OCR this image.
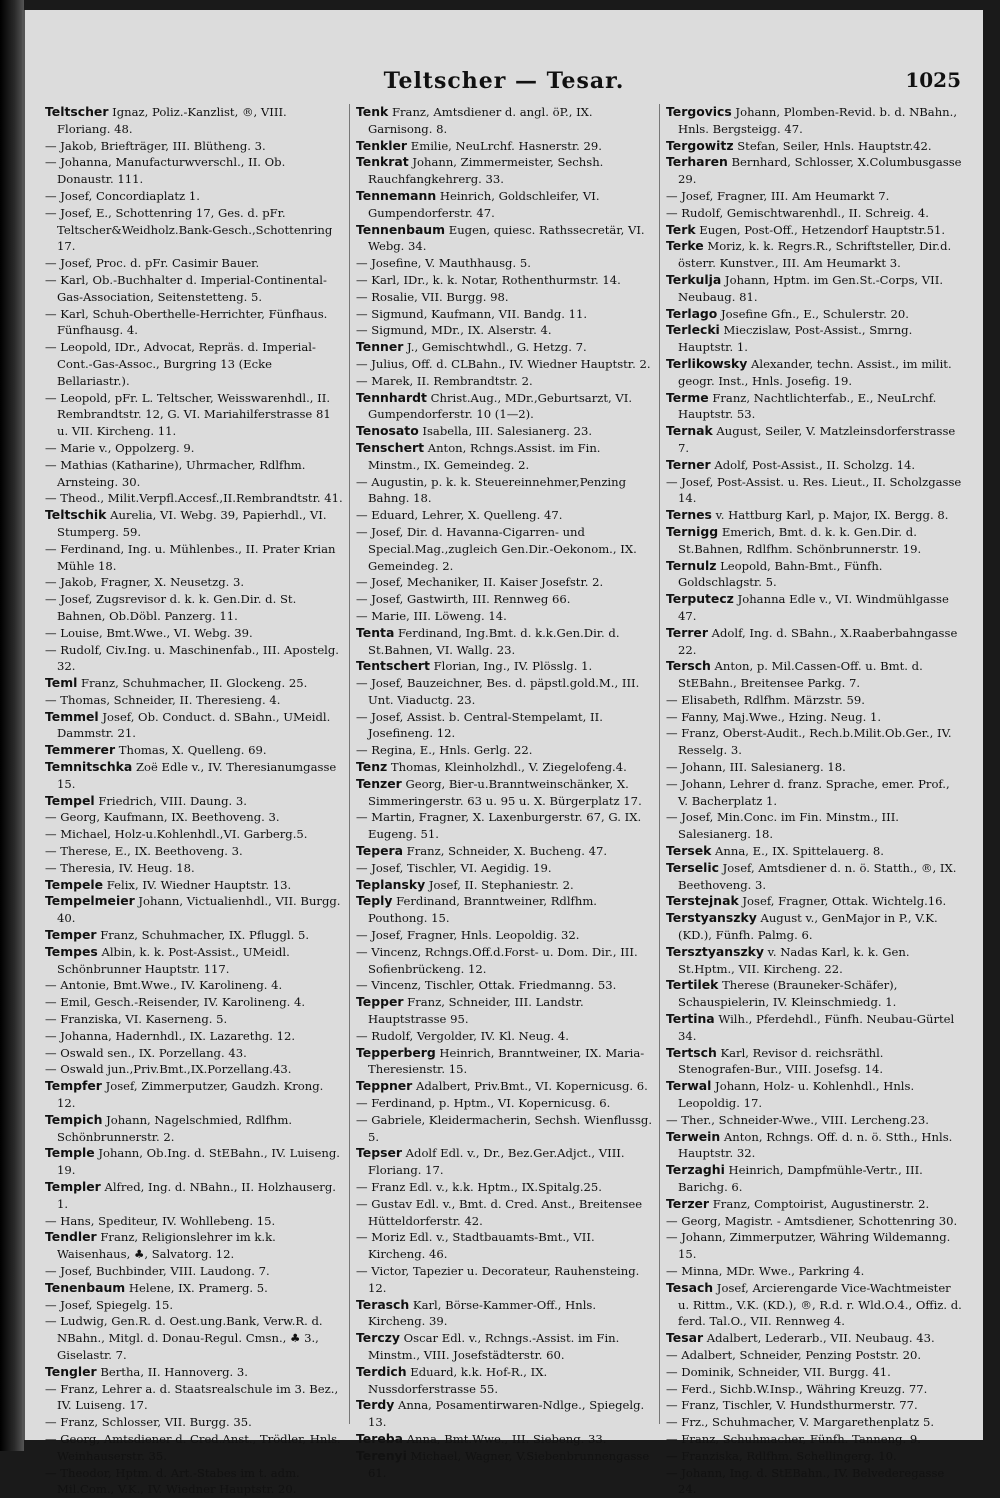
Teltscher — Tesar.	1025
Teltscher Ignaz, Poliz.-Kanzlist, ®, VIII. Floriang. 48.
— Jakob, Briefträger, III. Blütheng. 3.
— Johanna, Manufacturwverschl., II. Ob. Donaustr. 111.
— Josef, Concordiaplatz 1.
— Josef, E., Schottenring 17, Ges. d. pFr. Teltscher&Weidholz.Bank-Gesch.,Schottenring 17.
— Josef, Proc. d. pFr. Casimir Bauer.
— Karl, Ob.-Buchhalter d. Imperial-Continental-Gas-Association, Seitenstetteng. 5.
— Karl, Schuh-Oberthelle-Herrichter, Fünfhaus. Fünfhausg. 4.
— Leopold, IDr., Advocat, Repräs. d. Imperial-Cont.-Gas-Assoc., Burgring 13 (Ecke Bellariastr.).
— Leopold, pFr. L. Teltscher, Weisswarenhdl., II. Rembrandtstr. 12, G. VI. Mariahilferstrasse 81 u. VII. Kircheng. 11.
— Marie v., Oppolzerg. 9.
— Mathias (Katharine), Uhrmacher, Rdlfhm. Arnsteing. 30.
— Theod., Milit.Verpfl.Accesf.,II.Rembrandtstr. 41.
Teltschik Aurelia, VI. Webg. 39, Papierhdl., VI. Stumperg. 59.
— Ferdinand, Ing. u. Mühlenbes., II. Prater Krian Mühle 18.
— Jakob, Fragner, X. Neusetzg. 3.
— Josef, Zugsrevisor d. k. k. Gen.Dir. d. St. Bahnen, Ob.Döbl. Panzerg. 11.
— Louise, Bmt.Wwe., VI. Webg. 39.
— Rudolf, Civ.Ing. u. Maschinenfab., III. Apostelg. 32.
Teml Franz, Schuhmacher, II. Glockeng. 25.
— Thomas, Schneider, II. Theresieng. 4.
Temmel Josef, Ob. Conduct. d. SBahn., UMeidl. Dammstr. 21.
Temmerer Thomas, X. Quelleng. 69.
Temnitschka Zoë Edle v., IV. Theresianumgasse 15.
Tempel Friedrich, VIII. Daung. 3.
— Georg, Kaufmann, IX. Beethoveng. 3.
— Michael, Holz-u.Kohlenhdl.,VI. Garberg.5.
— Therese, E., IX. Beethoveng. 3.
— Theresia, IV. Heug. 18.
Tempele Felix, IV. Wiedner Hauptstr. 13.
Tempelmeier Johann, Victualienhdl., VII. Burgg. 40.
Temper Franz, Schuhmacher, IX. Pfluggl. 5.
Tempes Albin, k. k. Post-Assist., UMeidl. Schönbrunner Hauptstr. 117.
— Antonie, Bmt.Wwe., IV. Karolineng. 4.
— Emil, Gesch.-Reisender, IV. Karolineng. 4.
— Franziska, VI. Kaserneng. 5.
— Johanna, Hadernhdl., IX. Lazarethg. 12.
— Oswald sen., IX. Porzellang. 43.
— Oswald jun.,Priv.Bmt.,IX.Porzellang.43.
Tempfer Josef, Zimmerputzer, Gaudzh. Krong. 12.
Tempich Johann, Nagelschmied, Rdlfhm. Schönbrunnerstr. 2.
Temple Johann, Ob.Ing. d. StEBahn., IV. Luiseng. 19.
Templer Alfred, Ing. d. NBahn., II. Holzhauserg. 1.
— Hans, Spediteur, IV. Wohllebeng. 15.
Tendler Franz, Religionslehrer im k.k. Waisenhaus, ♣, Salvatorg. 12.
— Josef, Buchbinder, VIII. Laudong. 7.
Tenenbaum Helene, IX. Pramerg. 5.
— Josef, Spiegelg. 15.
— Ludwig, Gen.R. d. Oest.ung.Bank, Verw.R. d. NBahn., Mitgl. d. Donau-Regul. Cmsn., ♣ 3., Giselastr. 7.
Tengler Bertha, II. Hannoverg. 3.
— Franz, Lehrer a. d. Staatsrealschule im 3. Bez., IV. Luiseng. 17.
— Franz, Schlosser, VII. Burgg. 35.
— Georg, Amtsdiener d. Cred.Anst., Trödler, Hnls. Weinhauserstr. 35.
— Theodor, Hptm. d. Art.-Stabes im t. adm. Mil.Com., V.K., IV. Wiedner Hauptstr. 20.
Tenk Franz, Amtsdiener d. angl. öP., IX. Garnisong. 8.
Tenkler Emilie, NeuLrchf. Hasnerstr. 29.
Tenkrat Johann, Zimmermeister, Sechsh. Rauchfangkehrerg. 33.
Tennemann Heinrich, Goldschleifer, VI. Gumpendorferstr. 47.
Tennenbaum Eugen, quiesc. Rathssecretär, VI. Webg. 34.
— Josefine, V. Mauthhausg. 5.
— Karl, IDr., k. k. Notar, Rothenthurmstr. 14.
— Rosalie, VII. Burgg. 98.
— Sigmund, Kaufmann, VII. Bandg. 11.
— Sigmund, MDr., IX. Alserstr. 4.
Tenner J., Gemischtwhdl., G. Hetzg. 7.
— Julius, Off. d. CLBahn., IV. Wiedner Hauptstr. 2.
— Marek, II. Rembrandtstr. 2.
Tennhardt Christ.Aug., MDr.,Geburtsarzt, VI. Gumpendorferstr. 10 (1—2).
Tenosato Isabella, III. Salesianerg. 23.
Tenschert Anton, Rchngs.Assist. im Fin. Minstm., IX. Gemeindeg. 2.
— Augustin, p. k. k. Steuereinnehmer,Penzing Bahng. 18.
— Eduard, Lehrer, X. Quelleng. 47.
— Josef, Dir. d. Havanna-Cigarren- und Special.Mag.,zugleich Gen.Dir.-Oekonom., IX. Gemeindeg. 2.
— Josef, Mechaniker, II. Kaiser Josefstr. 2.
— Josef, Gastwirth, III. Rennweg 66.
— Marie, III. Löweng. 14.
Tenta Ferdinand, Ing.Bmt. d. k.k.Gen.Dir. d. St.Bahnen, VI. Wallg. 23.
Tentschert Florian, Ing., IV. Plösslg. 1.
— Josef, Bauzeichner, Bes. d. päpstl.gold.M., III. Unt. Viaductg. 23.
— Josef, Assist. b. Central-Stempelamt, II. Josefineng. 12.
— Regina, E., Hnls. Gerlg. 22.
Tenz Thomas, Kleinholzhdl., V. Ziegelofeng.4.
Tenzer Georg, Bier-u.Branntweinschänker, X. Simmeringerstr. 63 u. 95 u. X. Bürgerplatz 17.
— Martin, Fragner, X. Laxenburgerstr. 67, G. IX. Eugeng. 51.
Tepera Franz, Schneider, X. Bucheng. 47.
— Josef, Tischler, VI. Aegidig. 19.
Teplansky Josef, II. Stephaniestr. 2.
Teply Ferdinand, Branntweiner, Rdlfhm. Pouthong. 15.
— Josef, Fragner, Hnls. Leopoldig. 32.
— Vincenz, Rchngs.Off.d.Forst- u. Dom. Dir., III. Sofienbrückeng. 12.
— Vincenz, Tischler, Ottak. Friedmanng. 53.
Tepper Franz, Schneider, III. Landstr. Hauptstrasse 95.
— Rudolf, Vergolder, IV. Kl. Neug. 4.
Tepperberg Heinrich, Branntweiner, IX. Maria-Theresienstr. 15.
Teppner Adalbert, Priv.Bmt., VI. Kopernicusg. 6.
— Ferdinand, p. Hptm., VI. Kopernicusg. 6.
— Gabriele, Kleidermacherin, Sechsh. Wienflussg. 5.
Tepser Adolf Edl. v., Dr., Bez.Ger.Adjct., VIII. Floriang. 17.
— Franz Edl. v., k.k. Hptm., IX.Spitalg.25.
— Gustav Edl. v., Bmt. d. Cred. Anst., Breitensee Hütteldorferstr. 42.
— Moriz Edl. v., Stadtbauamts-Bmt., VII. Kircheng. 46.
— Victor, Tapezier u. Decorateur, Rauhensteing. 12.
Terasch Karl, Börse-Kammer-Off., Hnls. Kircheng. 39.
Terczy Oscar Edl. v., Rchngs.-Assist. im Fin. Minstm., VIII. Josefstädterstr. 60.
Terdich Eduard, k.k. Hof-R., IX. Nussdorferstrasse 55.
Terdy Anna, Posamentirwaren-Ndlge., Spiegelg. 13.
Tereba Anna, Bmt.Wwe., III. Siebeng. 33.
Terenyi Michael, Wagner, V.Siebenbrunnengasse 61.
Tergovics Johann, Plomben-Revid. b. d. NBahn., Hnls. Bergsteigg. 47.
Tergowitz Stefan, Seiler, Hnls. Hauptstr.42.
Terharen Bernhard, Schlosser, X.Columbusgasse 29.
— Josef, Fragner, III. Am Heumarkt 7.
— Rudolf, Gemischtwarenhdl., II. Schreig. 4.
Terk Eugen, Post-Off., Hetzendorf Hauptstr.51.
Terke Moriz, k. k. Regrs.R., Schriftsteller, Dir.d. österr. Kunstver., III. Am Heumarkt 3.
Terkulja Johann, Hptm. im Gen.St.-Corps, VII. Neubaug. 81.
Terlago Josefine Gfn., E., Schulerstr. 20.
Terlecki Mieczislaw, Post-Assist., Smrng. Hauptstr. 1.
Terlikowsky Alexander, techn. Assist., im milit. geogr. Inst., Hnls. Josefig. 19.
Terme Franz, Nachtlichterfab., E., NeuLrchf. Hauptstr. 53.
Ternak August, Seiler, V. Matzleinsdorferstrasse 7.
Terner Adolf, Post-Assist., II. Scholzg. 14.
— Josef, Post-Assist. u. Res. Lieut., II. Scholzgasse 14.
Ternes v. Hattburg Karl, p. Major, IX. Bergg. 8.
Ternigg Emerich, Bmt. d. k. k. Gen.Dir. d. St.Bahnen, Rdlfhm. Schönbrunnerstr. 19.
Ternulz Leopold, Bahn-Bmt., Fünfh. Goldschlagstr. 5.
Terputecz Johanna Edle v., VI. Windmühlgasse 47.
Terrer Adolf, Ing. d. SBahn., X.Raaberbahngasse 22.
Tersch Anton, p. Mil.Cassen-Off. u. Bmt. d. StEBahn., Breitensee Parkg. 7.
— Elisabeth, Rdlfhm. Märzstr. 59.
— Fanny, Maj.Wwe., Hzing. Neug. 1.
— Franz, Oberst-Audit., Rech.b.Milit.Ob.Ger., IV. Resselg. 3.
— Johann, III. Salesianerg. 18.
— Johann, Lehrer d. franz. Sprache, emer. Prof., V. Bacherplatz 1.
— Josef, Min.Conc. im Fin. Minstm., III. Salesianerg. 18.
Tersek Anna, E., IX. Spittelauerg. 8.
Terselic Josef, Amtsdiener d. n. ö. Statth., ®, IX. Beethoveng. 3.
Terstejnak Josef, Fragner, Ottak. Wichtelg.16.
Terstyanszky August v., GenMajor in P., V.K. (KD.), Fünfh. Palmg. 6.
Tersztyanszky v. Nadas Karl, k. k. Gen. St.Hptm., VII. Kircheng. 22.
Tertilek Therese (Brauneker-Schäfer), Schauspielerin, IV. Kleinschmiedg. 1.
Tertina Wilh., Pferdehdl., Fünfh. Neubau-Gürtel 34.
Tertsch Karl, Revisor d. reichsräthl. Stenografen-Bur., VIII. Josefsg. 14.
Terwal Johann, Holz- u. Kohlenhdl., Hnls. Leopoldig. 17.
— Ther., Schneider-Wwe., VIII. Lercheng.23.
Terwein Anton, Rchngs. Off. d. n. ö. Stth., Hnls. Hauptstr. 32.
Terzaghi Heinrich, Dampfmühle-Vertr., III. Barichg. 6.
Terzer Franz, Comptoirist, Augustinerstr. 2.
— Georg, Magistr. - Amtsdiener, Schottenring 30.
— Johann, Zimmerputzer, Währing Wildemanng. 15.
— Minna, MDr. Wwe., Parkring 4.
Tesach Josef, Arcierengarde Vice-Wachtmeister u. Rittm., V.K. (KD.), ®, R.d. r. Wld.O.4., Offiz. d. ferd. Tal.O., VII. Rennweg 4.
Tesar Adalbert, Lederarb., VII. Neubaug. 43.
— Adalbert, Schneider, Penzing Poststr. 20.
— Dominik, Schneider, VII. Burgg. 41.
— Ferd., Sichb.W.Insp., Währing Kreuzg. 77.
— Franz, Tischler, V. Hundsthurmerstr. 77.
— Frz., Schuhmacher, V. Margarethenplatz 5.
— Franz, Schuhmacher, Fünfh. Tanneng. 9.
— Franziska, Rdlfhm. Schellingerg. 10.
— Johann, Ing. d. StEBahn., IV. Belvederegasse 24.
